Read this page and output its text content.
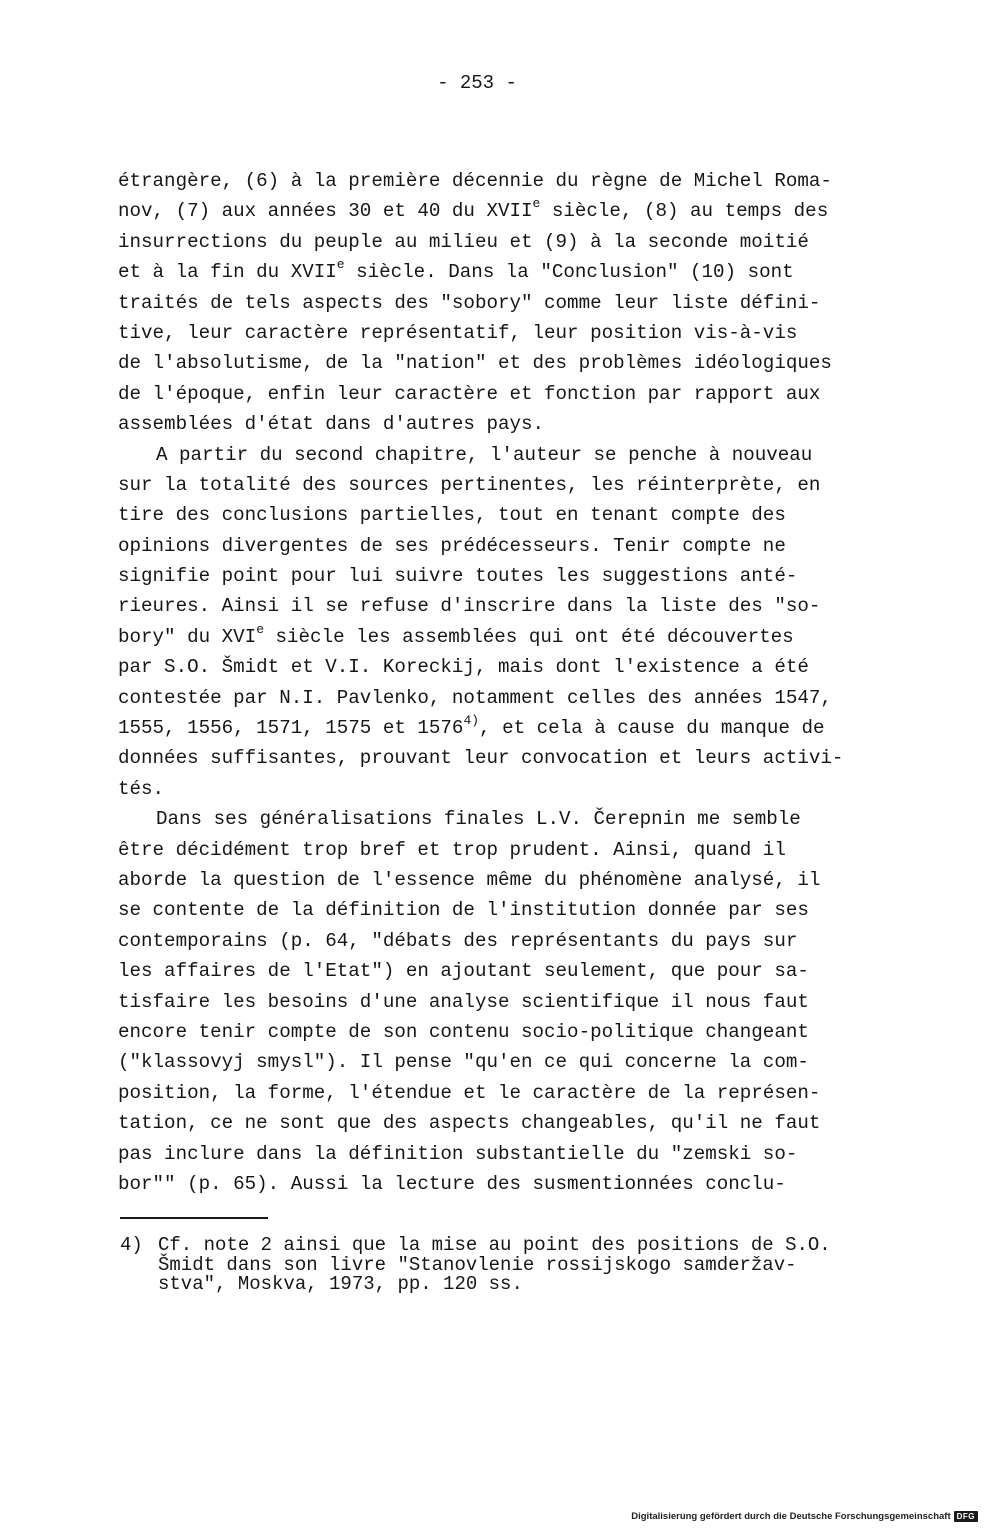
- 253 -
étrangère, (6) à la première décennie du règne de Michel Roma-
nov, (7) aux années 30 et 40 du XVIIe siècle, (8) au temps des
insurrections du peuple au milieu et (9) à la seconde moitié
et à la fin du XVIIe siècle. Dans la "Conclusion" (10) sont
traités de tels aspects des "sobory" comme leur liste défini-
tive, leur caractère représentatif, leur position vis-à-vis
de l'absolutisme, de la "nation" et des problèmes idéologiques
de l'époque, enfin leur caractère et fonction par rapport aux
assemblées d'état dans d'autres pays.
A partir du second chapitre, l'auteur se penche à nouveau
sur la totalité des sources pertinentes, les réinterprète, en
tire des conclusions partielles, tout en tenant compte des
opinions divergentes de ses prédécesseurs. Tenir compte ne
signifie point pour lui suivre toutes les suggestions anté-
rieures. Ainsi il se refuse d'inscrire dans la liste des "so-
bory" du XVIe siècle les assemblées qui ont été découvertes
par S.O. Šmidt et V.I. Koreckij, mais dont l'existence a été
contestée par N.I. Pavlenko, notamment celles des années 1547,
1555, 1556, 1571, 1575 et 1576$^{4)}$, et cela à cause du manque de
données suffisantes, prouvant leur convocation et leurs activi-
tés.
Dans ses généralisations finales L.V. Čerepnin me semble
être décidément trop bref et trop prudent. Ainsi, quand il
aborde la question de l'essence même du phénomène analysé, il
se contente de la définition de l'institution donnée par ses
contemporains (p. 64, "débats des représentants du pays sur
les affaires de l'Etat") en ajoutant seulement, que pour sa-
tisfaire les besoins d'une analyse scientifique il nous faut
encore tenir compte de son contenu socio-politique changeant
("klassovyj smysl"). Il pense "qu'en ce qui concerne la com-
position, la forme, l'étendue et le caractère de la représen-
tation, ce ne sont que des aspects changeables, qu'il ne faut
pas inclure dans la définition substantielle du "zemski so-
bor"" (p. 65). Aussi la lecture des susmentionnées conclu-
4) Cf. note 2 ainsi que la mise au point des positions de S.O.
Šmidt dans son livre "Stanovlenie rossijskogo samderžav-
stva", Moskva, 1973, pp. 120 ss.
Digitalisierung gefördert durch die Deutsche Forschungsgemeinschaft DFG
